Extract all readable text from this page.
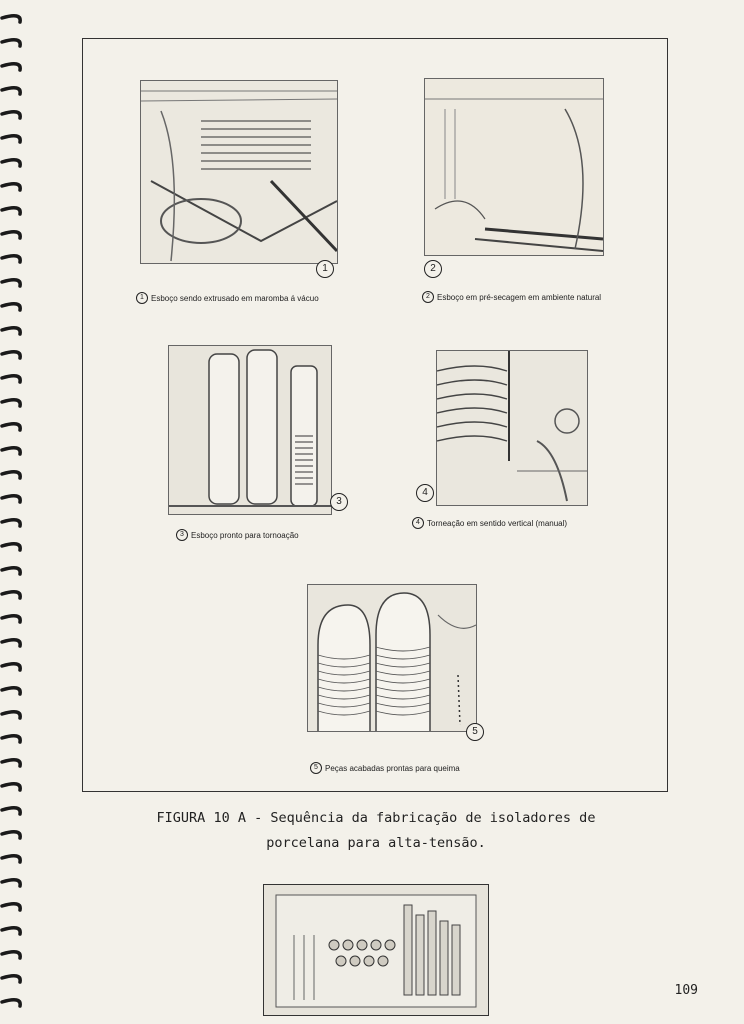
1
1 Esboço sendo extrusado em maromba á vácuo
2
2 Esboço em pré-secagem em ambiente natural
3
3 Esboço pronto para tornoação
4
4 Torneação em sentido vertical (manual)
5
5 Peças acabadas prontas para queima
FIGURA 10 A - Sequência da fabricação de isoladores de
porcelana para alta-tensão.
109
